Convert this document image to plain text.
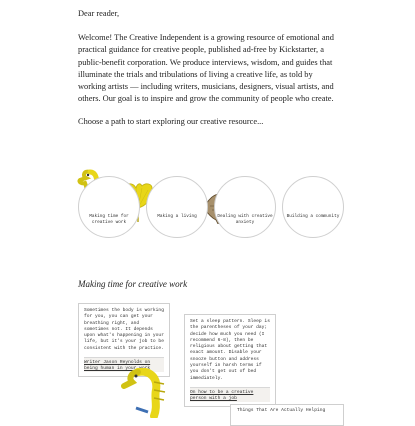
Dear reader,

Welcome! The Creative Independent is a growing resource of emotional and practical guidance for creative people, published ad-free by Kickstarter, a public-benefit corporation. We produce interviews, wisdom, and guides that illuminate the trials and tribulations of living a creative life, as told by working artists — including writers, musicians, designers, visual artists, and others. Our goal is to inspire and grow the community of people who create.

Choose a path to start exploring our creative resource...

Making time for creative work

Making a living
	Dealing with creative anxiety

Building a community
Making time for creative work
Sometimes the body is working for you, you can get your breathing right, and sometimes not. It depends upon what's happening in your life, but it's your job to be consistent with the practice.
Writer Jason Reynolds on being human in your work
Set a sleep pattern. Sleep is the parentheses of your day; decide how much you need (I recommend 6-8), then be religious about getting that exact amount. Disable your snooze button and address yourself in harsh terms if you don't get out of bed immediately.
On how to be a creative person with a job
Things That Are Actually Helping
